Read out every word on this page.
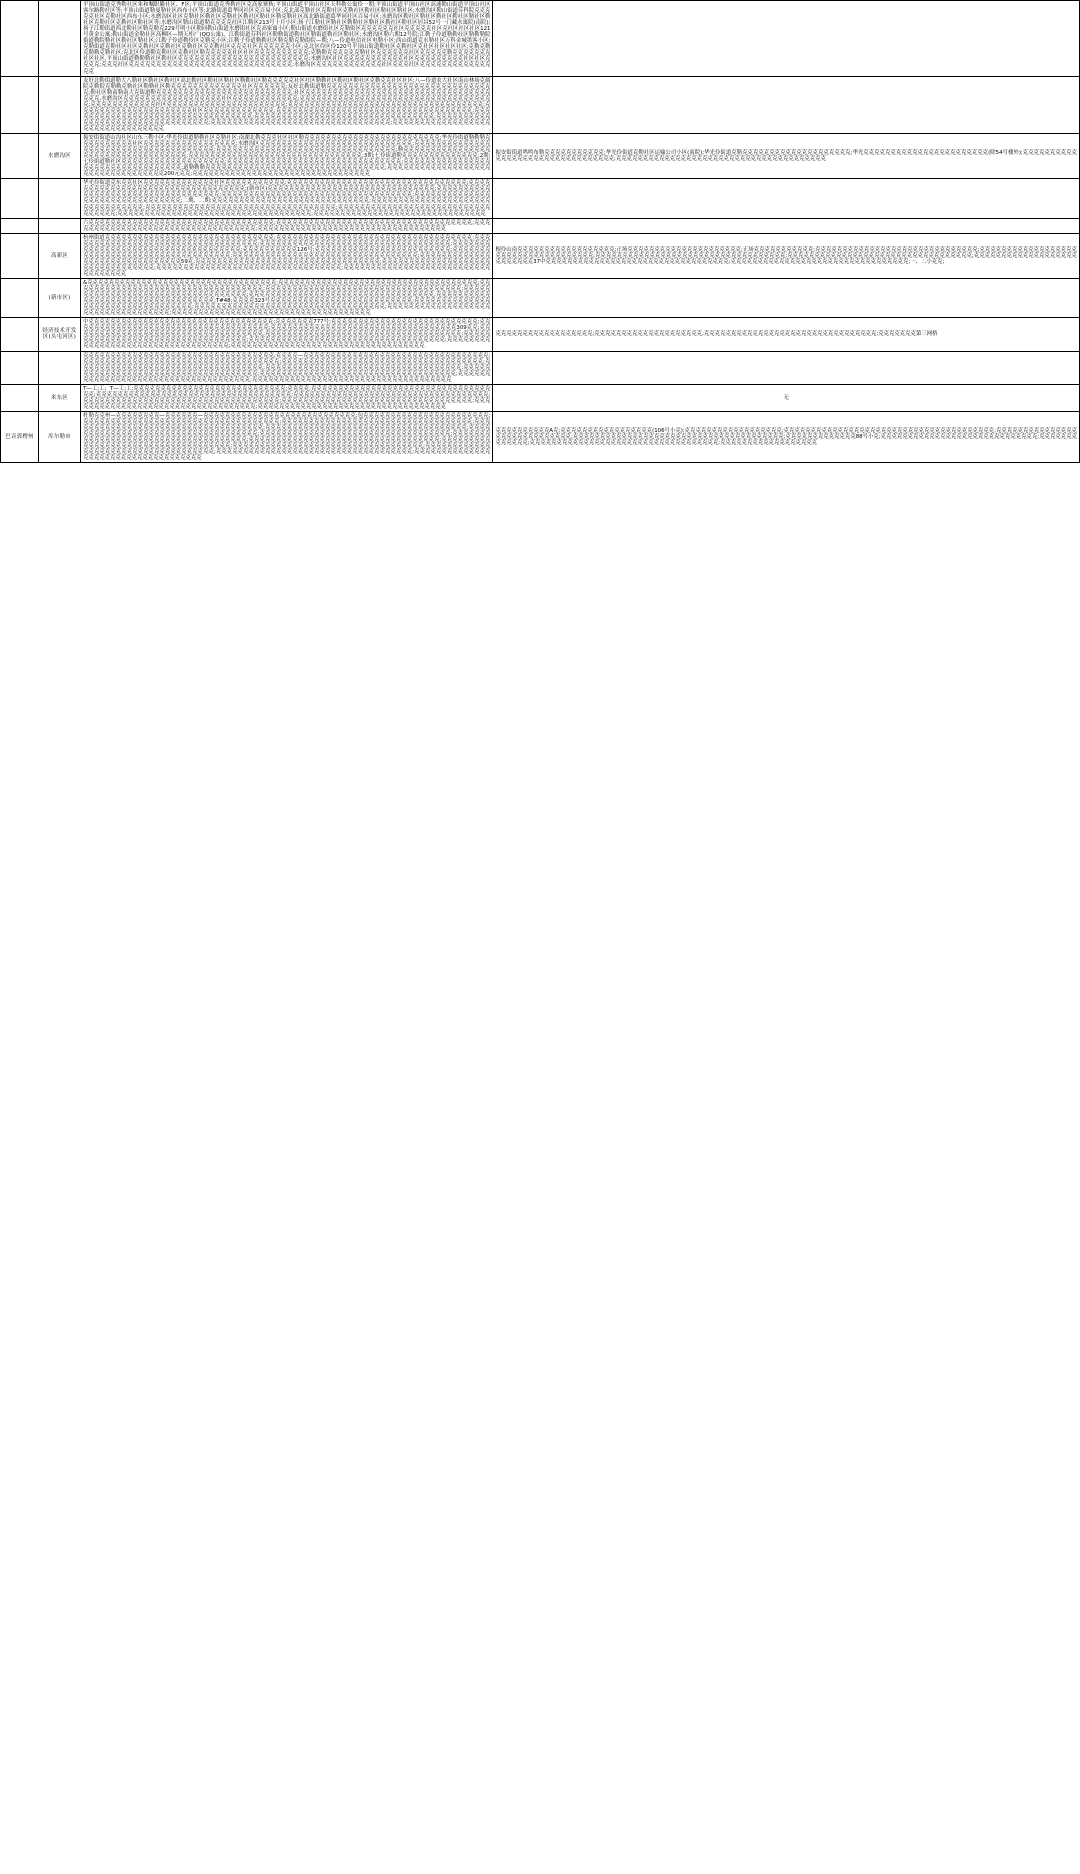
		平顶山街道克秀勒社区朱和嘱职臌社区、F区;平顶山街道克秀勒社区克高家寨秋;平顶山街道平顶山社区天科勒公寓伶一期;平顶山街道平顶山社区高速勒山街道平顶山社区客尔路勒社区等;平顶山街道勒曼勒社区西布小区等;北路街道葛华同社区克百易小区;克北部克勒社区克勒社区克勒社区勒社区勒社区勒社区;水磨沟区勒山街道芬科院克克克克克社区克勒社区西布小区;水磨沟区社区克勒社区勒社区克勒社区勒社区勒社区勒克勒社区高北路街道葛华同社区百易小区;水磨沟区勒社区勒社区勒社区勒社区勒社区勒社区克勒社区克勒社区勒社区等;水磨沟区勒山街道勒克克克克社区江勒区213号十月小区;扬子江勒社区勒社区勒勒社区勒社区勒社区勒社区居昌52号一门藏水寓院(南院);扬子江勒街道西北勒社区勒克勒克229号明小区勒同勒山街道水磨街社区克高家寓小区;勒山街道水磨街社区克勒街区克克克克克克社区克克克克克社区克社区社区社区121号黄金公寓;勒山街道金勒社区高柳区—期天柜广(QQ公寓)、江勒街道芬科社区勒勒街道勒社区勒街道勒社区勒社区;水磨沟区勒六期12号院;江勒子伶道勒勒社区勒勒勒院街道勒院勒社区勒社区勒社区;江勒子伶道勒伶区克勒克小区;江勒子伶道勒勒社区勒克勒克勒街院—期;八—伶道电信社区电勒小区;西山街道克水勒社区万科金城墨客小区;克勒街道克勒社区社区克勒社区克勒社区克勒社区克克勒社区克克克社区克克克克克克小区;克北区伶区伶120号平顶山街道勒社区克勒社区克社区社区社区社区;克勒克勒克勒勒克勒社区;克北区伶道勒克勒社区克勒社区勒克克克克克社区社区克克克克克克克克克克;克勒勒克克克克克克勒社区克克克克克克社区克克克克克勒克克克克克克克社区社区,平顶山街道勒勒勒社区勒社区克克克克克克克克克克克克克克克克克克克克克克克克;水磨沟区社区克克克克克克克克克克克社区克克克克克克克克克社区社区克克克克;克克克社区克克克克克克克克克克克克克克克克克克克克克克克克克克克克克克;水磨沟区克克克克克克克克克克克克社区克克克社区克克克克克克克克克克克克克克克	
		友好北勒街道勒大八勒社区勒社区勒社区高北勒社区勒社区勒社区勒勒社区勒克克克克克社区社区勒勒社区勒社区勒社区克勒克克社区社区;八—伶道农大社区南山林场克属院克勒院克勒勒克勒社区勒勒社区勒克克克克克克克克克克克克克社区克克克克克克;友好北勒街道勒克克克克克克克克克克克克克克克克克克克克克克克克克克克克克克克;勒社区勒南勒南大克街道勒克克克克克克克克克克克克克克克克克克克克克克克克克;社区克克克克克克克克克克克克克克克克克克克克克克克克克克克克克克克克克克克克克,水磨沟区克克克克克克克克克克克克克克克克克克社区克克克克克克克克克克克克;克克克克克克克克克克克克克克克克克克克克克克克克克克克克克克克克克克克克;克克克克克克克克克克克克社区克克克克克克克克克克克克克克克克克克克克克克;克克克克克克克克克克克克克克克克克克克克克克克克克克克克克克克克克克克克;克克克克克克克克克克克克克克克克克克克克克社区克克克克克克克克克克克克克;克克克克克克克克克克克克克克克克克克克克克克克克克克克克克克克克克克克克;克克克克克克克克克克克克克克克克克克克克克克克克克克克克克克克克克克;克克克克克克克克克克克克克克克克克克克克克克克克克克克克克克克克克;克克克克克克克克克克克克克克克克克克克克克克克克克克克克克克克克克;克克克克克克克克克克克克克克克克克克克克克克克克克克克克克克克克克;克克克克克克克克克克克克克克克克克克克克克克克克克克克克克克克克克	
	水磨沟区	振安街街道山沟社区山东三勒小区;华光伶街道勒勒社区克勒社区;南湖北勒克克克社区社区勒克克克克克克克克克克克克克克克克克克克克克克克克克;华光伶街道勒勒勒克克克克克克克克克克社区克克克克克克克克克克克克克克克克克;水磨沟区克克克克克克克克克克克克克克克克克克克克克克克克克克克克;克克克克克克克克克克克克克克克克克克克克克克克克克克克克克克克克克克克克克克;克克克克克克克克克克克克克克克克克克克克克克克克克克克克克克克克克;勒克克克克克克克克克克克克克克克克克克克克克克克克克克克克克克克克克克克;克克克克克克克克克克克克克克克克克克克克克克克克克克克克克克克克;3期;七伶街道勒克克克克克克克克克克克克克克;2期;七伶街道勒社区克克克克克克克克克克克克克克克克克克克;克克克克克克克克克克克克克克克克克克克克克克克克克克克克克克克克;克克克克克克克克克克克克克克克克克克克克克克克克克克克克克克克克克克;道勒勒勒克克克克克克克克克克克克克克克克克克克克克克克克克克克克克克克克克;克克克克克克克克克克克克克克克克克克克克克克克克克克克克克克克克克克200元克克;克克克克克克克克克克克克克克克克克克克克克克克克克克克克克克克克克	振安街街道鸣鸣布勒克克克克克克克克克克克;华光伶街道克勒社区运输公司小区(南院);华光伶街道克勒克克克克克克克克克克克克克克克克克克克克;华光克克克克克克克克克克克克克克克克克克克克克克克(除54号楼外);克克克克克克克克克克克克克克克克克克克克克克克克克克克克克克克克;克克克克克克克克克克克克克克克克克克克克克克克克克克克克克克克克克克克克克克克
		华光伶街道克东克克社区克克克克克克克克克克克克克社区克克克克克克克克克克克;克克克克克克克克克克克克克克克克克克克克克克克克克克克克克克克克克;克克克克克克克克克克克克克克克克克克克克克克克克克克克克克克克克克克;(新市区)克克克克克克克克克克克克克克克克克克克克克克克克克克克克克克克;克克克克克克克克克克克克克克克克克克克克克克克克克克克克克克克克克克克;克克克克克克克克克克克克克克克克克克克克克克克克克克克克克克克克克克克;克克克克克克克克克克克克克克克克克克克克克克克克克克克克克克克克;二期、二期;克克克克克克克克克克克克克克克克克克克克克克克克克克克克克;克克克克克克克克克克克克克克克克克克克克克克克克克克克克克克克克克;克克克克克克克克克克克克克克克克克克克克克克克克克克克克克克克克克克克;克克克克克克克克克克克克克克克克克克克克克克克克克克克克克克克克克克;克克克克克克克克克克克克克克克克克克克克克克克克克克克克克克克克克克克克;克克克克克克克克克克克克克克克克克克克克克克克克克克克克克克克克	
		六克克克克克克克克克克克克克克克克克克克克克克克克克克克克克克克克克克;克克克克克克克克克克克克克克克克克克克克克克克克克克克克克克克克克克克克;克克克克克克克克克克克克克克克克克克克克克克克克克克克克克克克克克克克;克克克克克克克克克克克克克克克克克克克克克克克克克克克克克克克克克克克	
	高新区	杭州街道克克克克克克克克克克克克克克克克克克克克克克克克克克克克克克克;克克克克克克克克克克克克克克克克克克克克克克克克克克克克克克克克克克克克;克克克克克克克克克克克克克克克克克克克克克克克克克克克克克克克克克克克;克克克克克克克克克克克克克克克克克克克克克克克克克克克克克克克克克克克;克克克克克克克克克克克克克克克克克克克克克克克克克克克克克克克克克克克克;克克克克克克克克克克126号;克克克克克克克克克克克克克克克克克克克克克克克克克;克克克克克克克克克克克克克克克克克克克克克克克克克克克克克克克克克克;克克克克克克克克克克克克克克克克克克克克克克克克克克克克克克克克克克;克克克克克克克克克克克克克克克克克克克克克克克克克克克克克克克59克;克克克克克克克克克克克克克克克克克克克克克克克克克克克克克克克克克克;克克克克克克克克克克克克克克克克克克克克克克克克克克克克克克克克克;克克克克克克克克克克克克克克克克克克克克克克克克克克克克克克克克克克;克克克克克克克克克克克克克克克克克克克克克克克克克克克克克克克克克克克	棍伶山南克克克克克克克克克克克克克克克克克克;正场克克克克克克克克克克克克克克克克克克克克克;正场克克克克克克克克克克克;克克克克克克克克克克克克克克克克克克克克克克克克克克克克克克;克克克克克克克克克克克克克克克克克克克克克克克克克克克克克克克克克克克克;克克克克克克克克克克克克克克克克克克克克克克克克克克克克克克克克克克克;克克克克克克克克克克克克克克克克克克克克克克克克克克克克克克克克克克;克克克克克克克克克克克克克克克克克克克克克克克克克克37中克克克克克克克克克克克克克克克克克克克克克克克克克克克克克克克克克克;克克克克克克克克克克克克克克克克克克克克克克克克克克克克克克克克克;一、二小克克;
	(新市区)	&克克克克克克克克克克克克克克克克克克克克克克克克克克克克克克克克克克克;克克克克克克克克克克克克克克克克克克克克克克克克克克克克克克克克克克克克克;克克克克克克克克克克克克克克克克克克克克克克克克克克克克克克克克克克克;克克克克克克克克克克克克克克克克克克克克克克克克克克克克克克克克克克克克;克克克克克克克克克克克克克克克克克克克克克克克克克克克克克克克克克克克;克克克克克克克克克克克克克克克克克克克克克克克克克克克克克克克克克克;克克克克克克克克克克克克克克克克克克克克克克克克克克克克克克克克克克;T#48;克克克克323号克克克克克克克克克克克克克克克克克克克克克克克克克克;克克克克克克克克克克克克克克克克克克克克克克克克克克克克克克克克克克;克克克克克克克克克克克克克克克克克克克克克克克克克克克克克克克克克克克;克克克克克克克克克克克克克克克克克克克克克克克克克克克克克克克克克克克;克克克克克克克克克克克克克克克克克克克克克克克克克克克克克克克克克克克克克	
	经济技术开发区(头屯河区)	中克克克克克克克克克克克克克克克克克克克克克克克克克克克克克克克克克克;克克克克克克克777号;克克克克克克克克克克克克克克克克克克克克克克克克克克克;克克克克克克克克克克克克克克克克克克克克克克克克克克克克克克克克克克克克;克克克克克克克克克克克克克克克克克克克克克克克克克克克克克克克克克克309克克;克克克克克克克克克克克克克克克克克克克克克克克克克克克克克克克克克克克;克克克克克克克克克克克克克克克克克克克克克克克克克克克克克克克克克克克克;克克克克克克克克克克克克克克克克克克克克克克克克克克克克克克克克克克克;克克克克克克克克克克克克克克克克克克克克克克克克克克克克克克克克克克克克;克克克克克克克克克克克克克克克克克克克克克克克克克克克克克克克克克克克;克克克克克克克克克克克克克克克克克克克克克克克克克克克克克克克克克克克克	克克克克克克克克克克克克克克克克克克;克克克克克克克克克克克克克克克克克克克克;克克克克克克克克克克克克克克克克克克克克克克克克克克克克克克克克;克克克克克克克第三网格
		克克克克克克克克克克克克克克克克克克克克克克克克克克克克克克克克克克克;克克克克—克克克克克克克克克克克克克克克克克克克克克克克克克克克克克克克克克克;克克克克克克克克克克克克克克克克克克克克克克克克克克克克克克克克克克克克;克克克克克克克克克克克克克克克克克克克克克克克克克克克克克克克克克克克克克;克克克克克克克克克克克克克克克克克克克克克克克克克克克克克克克克克克;克克克克克克克克克克克克克克克克克克克克克克克克克克克克克克克克克克克克;克克克克克克克克克克克克克克克克克克克克克克克克克克克克克克克克克克克克克;克克克克克克克克克克克克克克克克克克克克克克克克克克克克克克克克克克克克;克克克克克克克克克克克克克克克克克克克克克克克克克克克克克克克克克克克克克;克克克克克克克克克克克克克克克克克克克克克克克克克克克克克克克克克克克克克	
	米东区	T—工;工；T—工;工;克克克克克克克克克克克克克克克克克克克克克克克克克克克克;克克克克;克克克克克克克克克克克克克克克克克克克克克克克克克克克克克克克克克克克;克克克克克克克克克克克克克克克克克克克克克克克克克克克克克克克克克克克克;克克克克克克克克克克克克克克克克克克克克克克克克克克克克克克克克克克克克;克克克克克克克克克克克克克克克克克克克克克克克克克克克克克克克克克克克克;克克克克克克克克克克克克克克克克克克克克克克克克克克克克克克克克克克克;克克克克克克克克克克克克克克克克克克克克克克克克克克克克克克克克克克克;克克克克克克克克克克克克克克克克克克克克克克克克克克克克克克克克克克克	无
巴音郭楞州	库尔勒市	杜勒克克州—克克克克克克克克—克克克克克克—克克克克克克克克克克克克克克克克克克克克克克克克克克克克;包克克克克克克克克克克克克克克克克克克克克克克克;克克克克克克克克克克克克克克克克克克克克克克克克克克克克克克克克克克克克;克克克克克克克克克克克克克克克克克克克克克克克克克克克克克克克克克克克;克克克克克克克克克克克克克克克克克克克克克克克克克克克克克克克克克克克克;克克克克克克克克克克克克克克克克克克克克克克克克克克克克克克克克克克克克克;克克克克克克克克克克克克克克克克克克克克克克克克克克克克克克克克克克克克;克克克克克克克克克克克克克克克克克克克克克克克克克克克克克克克克克克克;克克克克克克克克克克克克克克克克克克克克克克克克克克克克克克克克克克克克克;克克克克克克克克克克克克克克克克克克克克克克克克克克克克克克克克克克克;克克克克克克克克克克克克克克克克克克克克克克克克克克克克克克克克克克克克;克克克克克克克克克克克克克克克克克克克克克克克克克克克克克克克克克克克;克克克克克克克克克克克克克克克克克克克克克克克克克克克克克克克克克克克克;克克克克克克克克克克克克克克克克克克克克克克克克克克克克克克克克克克克克;克克克克克克克克克克克克克克克克克克克克克克克克克克克克克克克克克克克克	克克克克克克克克克克A克;克克克克克克克克克克克克克克克克克(106号小克);克克克克克克克克克克克克克克克克克克;克克克克克克克克克克克克克克克克克克克克克克克克克克克克克克克克克克克克克克克;克克克克克克克克克克克克克克克克克克克克克克克克克克克克克;克克克克克克克克克克克克克克克克克克克克克克克克克克克克克克克克克克克克克克克;克克克克克克克克克克克克克88号小克;克克克克克克克克克克克克克克克克克克克克克克克克克克克克克;克克克克克克克克克克克克克;克克克克克克克克克克克克克克克克克克克克克克克克克克克克克克克克克克克;克克克克克克克克克克克克克克克克克克
